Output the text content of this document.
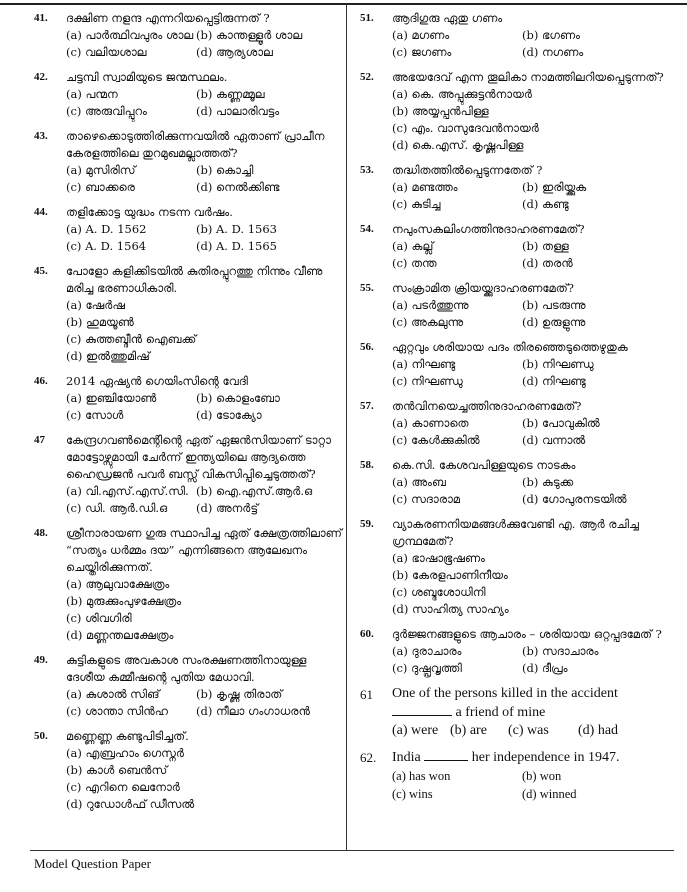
41.	ദക്ഷിണ നളന്ദ എന്നറിയപ്പെട്ടിരുന്നത് ?
(a) പാർത്ഥിവപുരം ശാല (b) കാന്തള്ളൂർ ശാല
(c) വലിയശാല	(d) ആര്യശാല
42.	ചട്ടമ്പി സ്വാമിയുടെ ജന്മസ്ഥലം.
(a) പന്മന	(b) കണ്ണമ്മൂല
(c) അരുവിപ്പുറം	(d) പാലാരിവട്ടം
43.	താഴെക്കൊടുത്തിരിക്കുന്നവയിൽ ഏതാണ് പ്രാചീന കേരളത്തിലെ തുറമുഖമല്ലാത്തത്?
(a) മുസിരിസ്	(b) കൊച്ചി
(c) ബാക്കരെ	(d) നെൽക്കിണ്ട
44.	തളിക്കോട്ട യുദ്ധം നടന്ന വർഷം.
(a) A. D. 1562	(b) A. D. 1563
(c) A. D. 1564	(d) A. D. 1565
45.	പോളോ കളിക്കിടയിൽ കുതിരപ്പുറത്തു നിന്നും വീണു മരിച്ച ഭരണാധികാരി.
(a) ഷേർഷ
(b) ഹുമയൂൺ
(c) കുത്തബ്ദീൻ ഐബക്ക്
(d) ഇൽത്തുമിഷ്
46.	2014 ഏഷ്യൻ ഗെയിംസിന്റെ വേദി
(a) ഇഞ്ചിയോൺ	(b) കൊളംബോ
(c) സോൾ	(d) ടോക്യോ
47	കേന്ദ്രഗവൺമെന്റിന്റെ ഏത് ഏജൻസിയാണ് ടാറ്റാ മോട്ടോഴ്സുമായി ചേർന്ന് ഇന്ത്യയിലെ ആദ്യത്തെ ഹൈഡ്രജൻ പവർ ബസ്സ് വികസിപ്പിച്ചെടുത്തത്?
(a) വി.എസ്.എസ്.സി. (b) ഐ.എസ്.ആർ.ഒ
(c) ഡി. ആർ.ഡി.ഒ	(d) അനർട്ട്
48.	ശ്രീനാരായണ ഗുരു സ്ഥാപിച്ച ഏത് ക്ഷേത്രത്തിലാണ് “സത്യം ധർമ്മം ദയ” എന്നിങ്ങനെ ആലേഖനം ചെയ്തിരിക്കുന്നത്.
(a) ആലുവാക്ഷേത്രം
(b) മുരുക്കുംപുഴക്ഷേത്രം
(c) ശിവഗിരി
(d) മണ്ണന്തലക്ഷേത്രം
49.	കുട്ടികളുടെ അവകാശ സംരക്ഷണത്തിനായുള്ള ദേശീയ കമ്മീഷന്റെ പുതിയ മേധാവി.
(a) കുശാൽ സിങ്	(b) കൃഷ്ണ തിരാത്
(c) ശാന്താ സിൻഹ	(d) നീലാ ഗംഗാധരൻ
50.	മണ്ണെണ്ണ കണ്ടുപിടിച്ചത്.
(a) എബ്രഹാം ഗെസ്നർ
(b) കാൾ ബെൻസ്
(c) എറിനെ ലെനോർ
(d) റുഡോൾഫ് ഡീസൽ
51.	ആദിഗുരു ഏതു ഗണം
(a) മഗണം	(b) ഭഗണം
(c) ജഗണം	(d) നഗണം
52.	അഭയദേവ് എന്ന തൂലികാ നാമത്തിലറിയപ്പെടുന്നത്?
(a) കെ. അപ്പുക്കുട്ടൻനായർ
(b) അയ്യപ്പൻപിള്ള
(c) എം. വാസുദേവൻനായർ
(d) കെ.എസ്. കൃഷ്ണപിള്ള
53.	തദ്ധിതത്തിൽപ്പെടുന്നതേത് ?
(a) മണ്ടത്തം	(b) ഇരിയ്ക്കുക
(c) കുടിച്ച	(d) കണ്ടു
54.	നപുംസകലിംഗത്തിനുദാഹരണമേത്?
(a) കല്ല്	(b) തള്ള
(c) തന്ത	(d) തരൻ
55.	സംക്രാമിത ക്രിയയ്ക്കുദാഹരണമേത്?
(a) പടർത്തുന്നു	(b) പടരുന്നു
(c) അകലുന്നു	(d) ഉരുളുന്നു
56.	ഏറ്റവും ശരിയായ പദം തിരഞ്ഞെടുത്തെഴുതുക
(a) നിഘണ്ടു	(b) നിഘണ്ഡു
(c) നിഘണ്ഡു	(d) നിഘണ്ടു
57.	തൻവിനയെച്ചത്തിനുദാഹരണമേത്?
(a) കാണാതെ	(b) പോവുകിൽ
(c) കേൾക്കുകിൽ	(d) വന്നാൽ
58.	കെ.സി. കേശവപിള്ളയുടെ നാടകം
(a) അംബ	(b) കുടുക്ക
(c) സദാരാമ	(d) ഗോപുരനടയിൽ
59.	വ്യാകരണനിയമങ്ങൾക്കുവേണ്ടി എ. ആർ രചിച്ച ഗ്രന്ഥമേത്?
(a) ഭാഷാഭൂഷണം
(b) കേരളപാണിനീയം
(c) ശബ്ദശോധിനി
(d) സാഹിത്യ സാഹ്യം
60.	ദുർജ്ജനങ്ങളുടെ ആചാരം – ശരിയായ ഒറ്റപ്പദമേത് ?
(a) ദുരാചാരം	(b) സദാചാരം
(c) ദുഷ്പ്രവൃത്തി	(d) ദീപ്രം
61	One of the persons killed in the accident
a friend of mine
(a) were (b) are	(c) was	(d) had
62.	India	her independence in 1947.
(a) has won	(b) won
(c) wins	(d) winned
Model Question Paper
